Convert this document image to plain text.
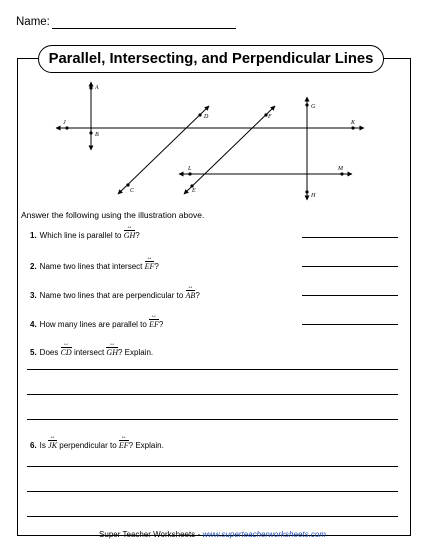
Name:
Parallel, Intersecting, and Perpendicular Lines
A
B
C
D
E
F
G
H
J	K
L	M
Answer the following using the illustration above.
1. Which line is parallel to GH ↔?
2. Name two lines that intersect EF ↔?
3. Name two lines that are perpendicular to AB ↔?
4. How many lines are parallel to EF ↔?
5. Does CD ↔ intersect GH ↔? Explain.
6. Is JK ↔ perpendicular to EF ↔? Explain.
Super Teacher Worksheets - www.superteacherworksheets.com
